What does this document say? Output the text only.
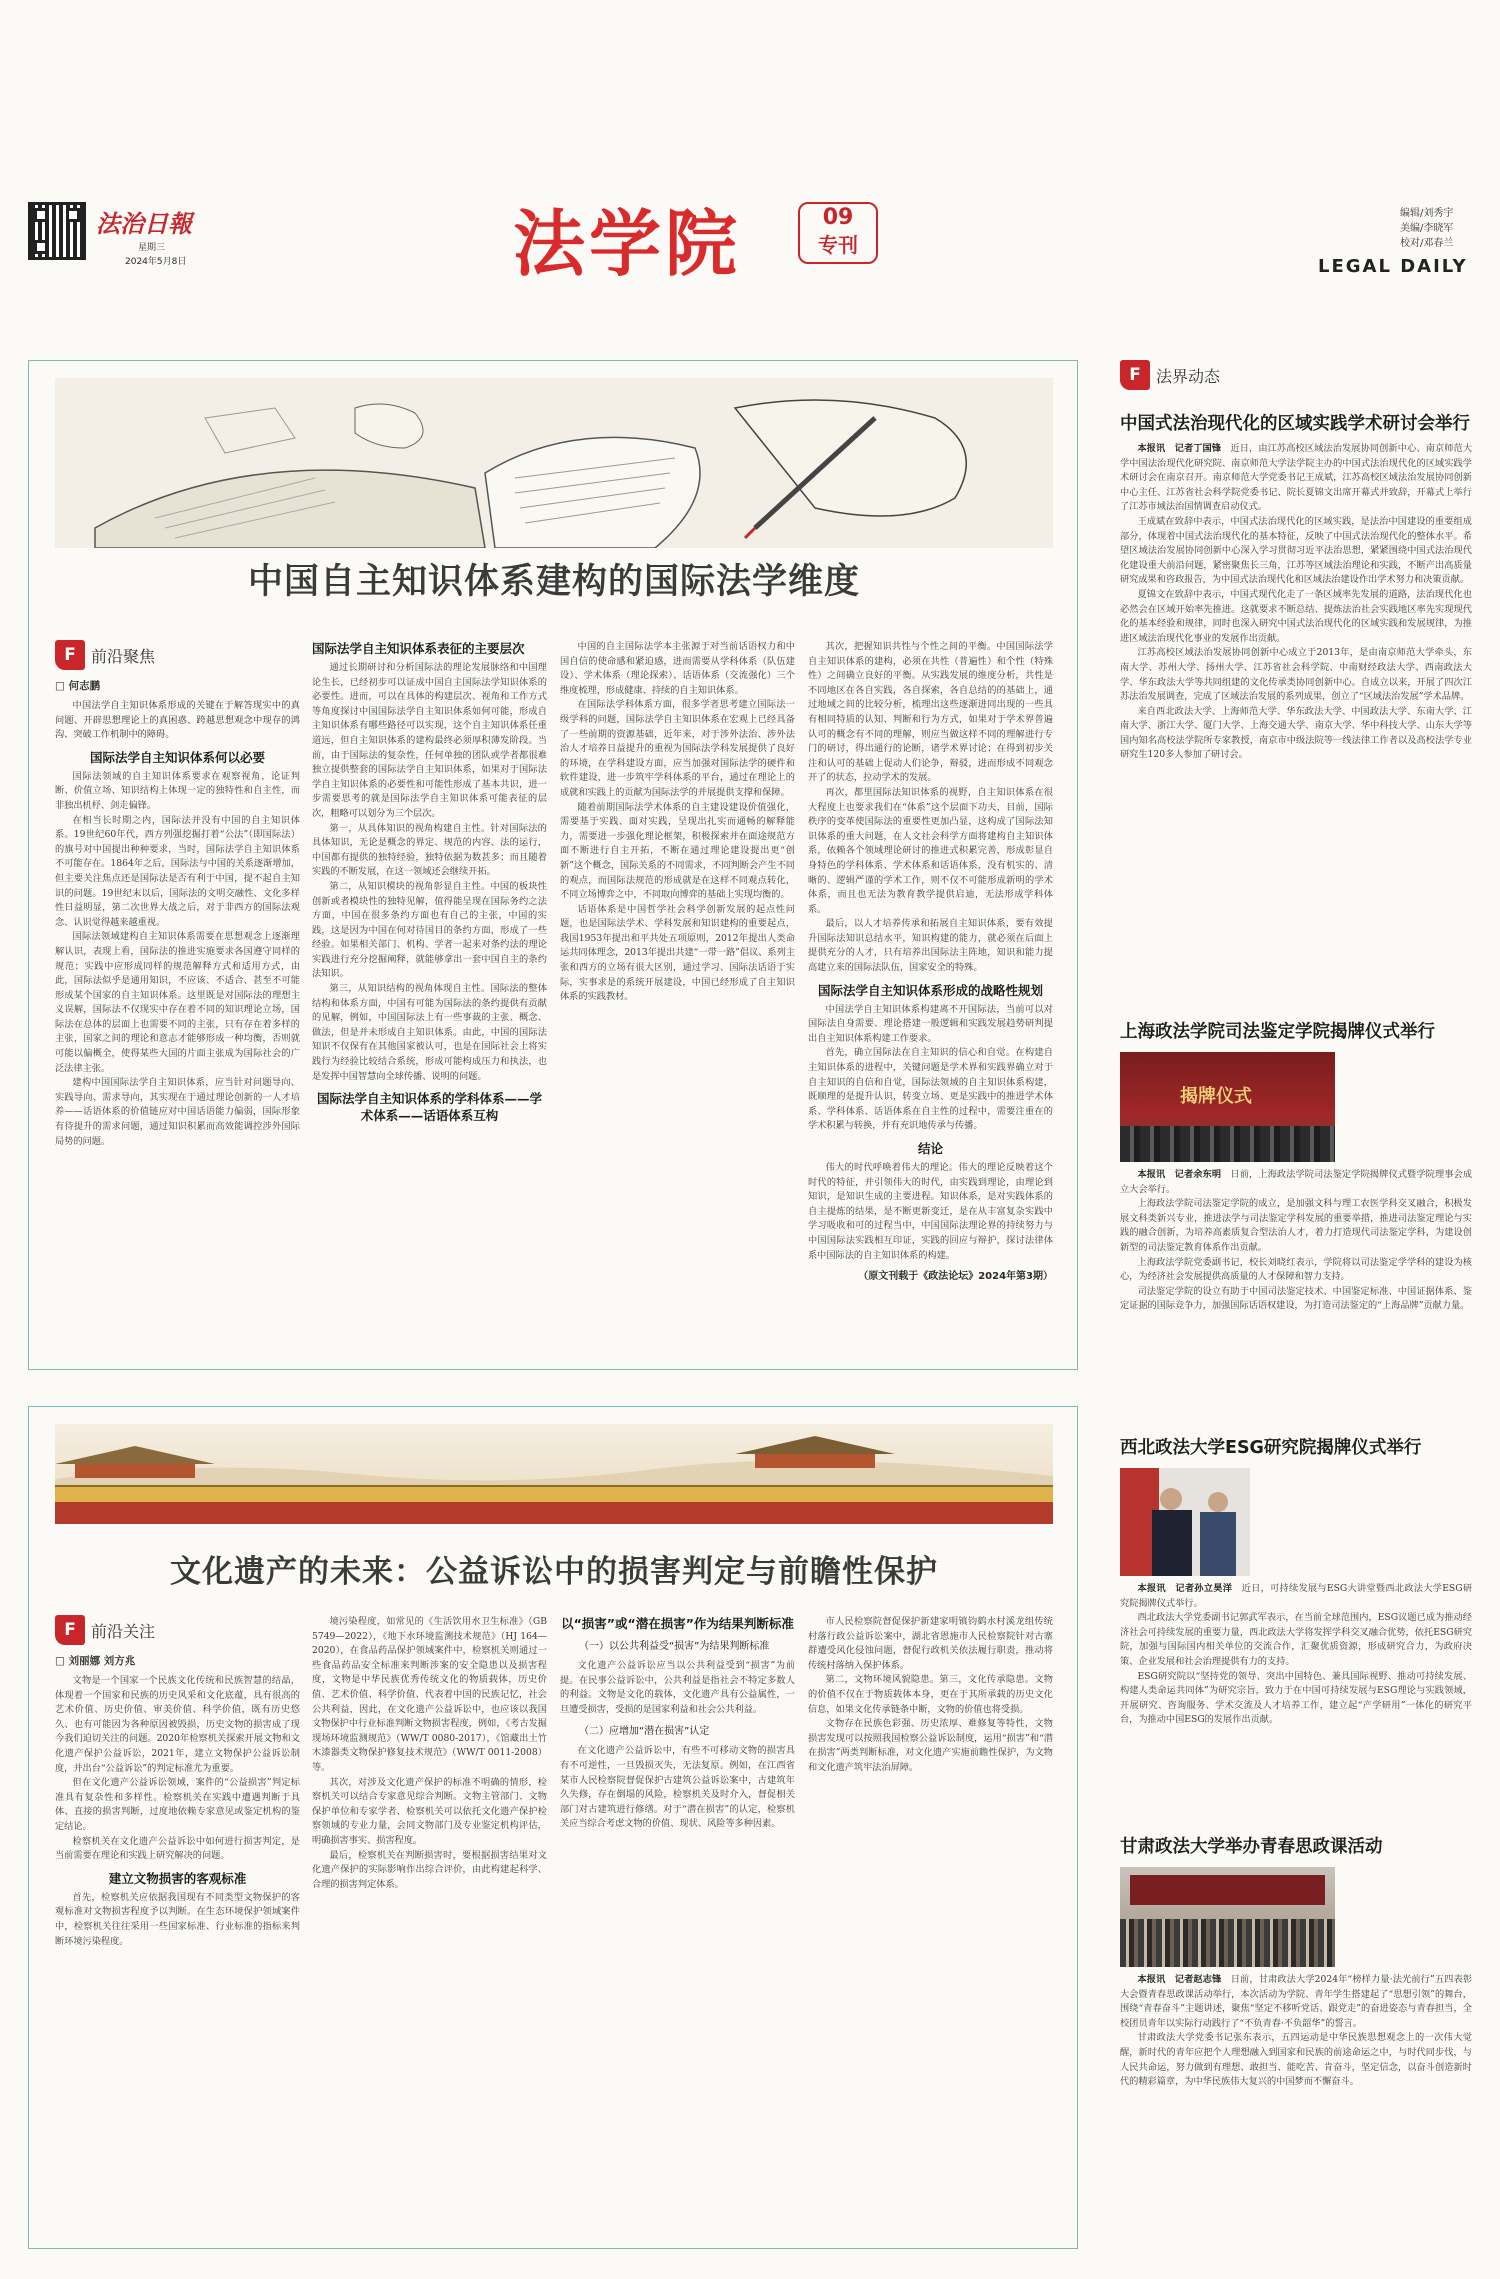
法治日報
星期三
2024年5月8日	法学院	09
专刊
编辑/刘秀宇
美编/李晓军
校对/邓春兰
LEGAL DAILY
中国自主知识体系建构的国际法学维度
F 前沿聚焦
□ 何志鹏

中国法学自主知识体系形成的关键在于解答现实中的真问题、开辟思想理论上的真困惑、跨越思想观念中现存的鸿沟、突破工作机制中的障碍。

国际法学自主知识体系何以必要

国际法领域的自主知识体系要求在观察视角、论证判断、价值立场、知识结构上体现一定的独特性和自主性，而非独出机杼、剑走偏锋。

在相当长时期之内，国际法并没有中国的自主知识体系。19世纪60年代，西方列强挖掘打着“公法”（即国际法）的旗号对中国提出种种要求，当时，国际法学自主知识体系不可能存在。1864年之后，国际法与中国的关系逐渐增加，但主要关注焦点还是国际法是否有利于中国，提不起自主知识的问题。19世纪末以后，国际法的文明交融性、文化多样性日益明显，第二次世界大战之后，对于非西方的国际法观念、认识觉得越来越重视。

国际法领域建构自主知识体系需要在思想观念上逐渐理解认识，表现上看，国际法的推进实施要求各国遵守同样的规范；实践中应形成同样的规范解释方式和适用方式，由此，国际法似乎是通用知识，不应该、不适合、甚至不可能形成某个国家的自主知识体系。这里既是对国际法的理想主义误解，国际法不仅现实中存在着不同的知识理论立场，国际法在总体的层面上也需要不同的主张，只有存在着多样的主张，国家之间的理论和意志才能够形成一种均衡，否则就可能以偏概全，使得某些大国的片面主张成为国际社会的广泛法律主张。

建构中国国际法学自主知识体系，应当针对问题导向、实践导向、需求导向，其实现在于通过理论创新的一人才培养——话语体系的价值链应对中国话语能力偏弱，国际形象有待提升的需求问题，通过知识积累而高效能调控涉外国际局势的问题。

国际法学自主知识体系表征的主要层次

通过长期研讨和分析国际法的理论发展脉络和中国理论生长，已经初步可以证成中国自主国际法学知识体系的必要性。进而，可以在具体的构建层次、视角和工作方式等角度探讨中国国际法学自主知识体系如何可能，形成自主知识体系有哪些路径可以实现，这个自主知识体系任重道远，但自主知识体系的建构最终必须厚积薄发阶段。当前，由于国际法的复杂性，任何单独的团队或学者都很难独立提供整套的国际法学自主知识体系，如果对于国际法学自主知识体系的必要性和可能性形成了基本共识，进一步需要思考的就是国际法学自主知识体系可能表征的层次，粗略可以划分为三个层次。

第一，从具体知识的视角构建自主性。针对国际法的具体知识，无论是概念的界定、规范的内容、法的运行，中国都有提供的独特经验，独特依据为数甚多；而且随着实践的不断发展，在这一领域还会继续开拓。

第二，从知识模块的视角彰显自主性。中国的板块性创新或者模块性的独特见解，值得能呈现在国际务约之法方面，中国在很多条约方面也有自己的主张，中国的实践，这是因为中国在何对待国目的条约方面，形成了一些经验。如果相关部门、机构、学者一起来对条约法的理论实践进行充分挖掘阐释，就能够拿出一套中国自主的条约法知识。

第三，从知识结构的视角体现自主性。国际法的整体结构和体系方面，中国有可能为国际法的条约提供有贡献的见解，例如，中国国际法上有一些事裁的主张、概念、做法，但是并未形成自主知识体系。由此，中国的国际法知识不仅保有在其他国家被认可，也是在国际社会上将实践行为经验比较结合系统，形成可能构成压力和执法，也是发挥中国智慧向全球传播、说明的问题。

国际法学自主知识体系的学科体系——学术体系——话语体系互构

中国的自主国际法学本主张源于对当前话语权力和中国自信的使命感和紧迫感，进而需要从学科体系（队伍建设）、学术体系（理论探索）、话语体系（交流强化）三个维度梳理，形成健康、持续的自主知识体系。

在国际法学科体系方面，很多学者思考建立国际法一级学科的问题，国际法学自主知识体系在宏观上已经具备了一些前期的资源基础，近年来，对于涉外法治、涉外法治人才培养日益提升的重视为国际法学科发展提供了良好的环境，在学科建设方面，应当加强对国际法学的硬件和软件建设，进一步筑牢学科体系的平台，通过在理论上的成就和实践上的贡献为国际法学的并展提供支撑和保障。

随着前期国际法学术体系的自主建设建设价值强化，需要基于实践、面对实践，呈现出扎实而通畅的解释能力，需要进一步强化理论框架，积极探索并在面途规范方面不断进行自主开拓，不断在通过理论建设提出更“创新”这个概念，国际关系的不同需求，不同判断会产生不同的观点，而国际法规范的形成就是在这样不同观点转化，不同立场博弈之中，不同取向博弈的基础上实现均衡的。

话语体系是中国哲学社会科学创新发展的起点性问题，也是国际法学术、学科发展和知识建构的重要起点，我国1953年提出和平共处五项原则，2012年提出人类命运共同体理念，2013年提出共建“一带一路”倡议、系列主张和西方的立场有很大区别，通过学习、国际法话语于实际，实事求是的系统开展建设，中国已经形成了自主知识体系的实践教材。

其次，把握知识共性与个性之间的平衡。中国国际法学自主知识体系的建构，必须在共性（普遍性）和个性（特殊性）之间确立良好的平衡。从实践发展的维度分析，共性是不同地区在各自实践，各自探索，各自总结的的基础上，通过地域之间的比较分析，梳理出这些逐渐进同出现的一些具有相同特质的认知、判断和行为方式，如果对于学术界普遍认可的概念有不同的理解，则应当做这样不同的理解进行专门的研讨，得出通行的论断，诸学术界讨论；在得到初步关注和认可的基础上促动人们论争，辩驳，进而形成不同观念开了的状态，拉动学术的发展。

再次，都里国际法知识体系的视野，自主知识体系在很大程度上也要求我们在“体系”这个层面下功夫，目前，国际秩序的变革使国际法的重要性更加凸显，这构成了国际法知识体系的重大问题，在人文社会科学方面将建构自主知识体系，依赖各个领域理论研讨的推进式积累完善，形成彰显自身特色的学科体系、学术体系和话语体系，没有机实的、清晰的、逻辑严谨的学术工作，则不仅不可能形成新明的学术体系，而且也无法为教育教学提供启迪，无法形成学科体系。

最后，以人才培养传承和拓展自主知识体系，要有效提升国际法知识总结水平，知识构建的能力，就必须在后面上提供充分的人才，只有培养出国际法主阵地，知识和能力提高建立来的国际法队伍，国家安全的特殊。

国际法学自主知识体系形成的战略性规划

中国法学自主知识体系构建离不开国际法，当前可以对国际法自身需要、理论搭建一般逻辑和实践发展趋势研判提出自主知识体系构建工作要求。

首先，确立国际法在自主知识的信心和自觉。在构建自主知识体系的进程中，关键问题是学术界和实践界确立对于自主知识的自信和自觉，国际法领域的自主知识体系构建，既顺理的是提升认识，转变立场、更是实践中的推进学术体系、学科体系、话语体系在自主性的过程中，需要注重在的学术积累与转换，并有充识地传承与传播。

结论

伟大的时代呼唤着伟大的理论。伟大的理论反映着这个时代的特征，并引领伟大的时代，由实践到理论，由理论到知识，是知识生成的主要进程。知识体系，是对实践体系的自主提炼的结果，是不断更新变迁，是在从丰富复杂实践中学习吸收和可的过程当中，中国国际法理论界的持续努力与中国国际法实践相互印证，实践的回应与辩护，探讨法律体系中国际法的自主知识体系的构建。

（原文刊载于《政法论坛》2024年第3期）
文化遗产的未来：公益诉讼中的损害判定与前瞻性保护
F 前沿关注
□ 刘丽娜 刘方兆

文物是一个国家一个民族文化传统和民族智慧的结晶，体现着一个国家和民族的历史风采和文化底蕴，具有很高的艺术价值、历史价值、审美价值、科学价值，既有历史悠久、也有可能因为各种原因被毁损，历史文物的损害成了现今我们迫切关注的问题。2020年检察机关探索开展文物和文化遗产保护公益诉讼，2021年，建立文物保护公益诉讼制度，并出台“公益诉讼”的判定标准尤为重要。

但在文化遗产公益诉讼领域，案件的“公益损害”判定标准具有复杂性和多样性。检察机关在实践中遭遇判断于具体、直接的损害判断，过度地依赖专家意见或鉴定机构的鉴定结论。

检察机关在文化遗产公益诉讼中如何进行损害判定，是当前需要在理论和实践上研究解决的问题。

建立文物损害的客观标准

首先，检察机关应依据我国现有不同类型文物保护的客观标准对文物损害程度予以判断。在生态环境保护领域案件中，检察机关往往采用一些国家标准、行业标准的指标来判断环境污染程度。

境污染程度，如常见的《生活饮用水卫生标准》（GB 5749—2022），《地下水环境监测技术规范》（HJ 164—2020），在食品药品保护领域案件中，检察机关则通过一些食品药品安全标准来判断涉案的安全隐患以及损害程度，文物是中华民族优秀传统文化的物质载体，历史价值、艺术价值、科学价值、代表着中国的民族记忆，社会公共利益，因此，在文化遗产公益诉讼中，也应该以我国文物保护中行业标准判断文物损害程度，例如，《考古发掘现场环境监测规范》（WW/T 0080-2017），《馆藏出土竹木漆器类文物保护修复技术规范》（WW/T 0011-2008）等。

其次，对涉及文化遗产保护的标准不明确的情形，检察机关可以结合专家意见综合判断。文物主管部门、文物保护单位和专家学者、检察机关可以依托文化遗产保护检察领域的专业力量，会同文物部门及专业鉴定机构评估，明确损害事实、损害程度。

最后，检察机关在判断损害时，要根据损害结果对文化遗产保护的实际影响作出综合评价，由此构建起科学、合理的损害判定体系。

以“损害”或“潜在损害”作为结果判断标准
（一）以公共利益受“损害”为结果判断标准

文化遗产公益诉讼应当以公共利益受到“损害”为前提。在民事公益诉讼中，公共利益是指社会不特定多数人的利益。文物是文化的载体，文化遗产具有公益属性，一旦遭受损害，受损的是国家利益和社会公共利益。

（二）应增加“潜在损害”认定

在文化遗产公益诉讼中，有些不可移动文物的损害具有不可逆性，一旦毁损灭失，无法复原。例如，在江西省某市人民检察院督促保护古建筑公益诉讼案中，古建筑年久失修，存在倒塌的风险，检察机关及时介入，督促相关部门对古建筑进行修缮。对于“潜在损害”的认定，检察机关应当综合考虑文物的价值、现状、风险等多种因素。

市人民检察院督促保护新建家明镇钧鹤水村溪龙组传统村落行政公益诉讼案中，湖北省恩施市人民检察院针对古寨群遭受风化侵蚀问题，督促行政机关依法履行职责，推动将传统村落纳入保护体系。

第二，文物环境风貌隐患。第三，文化传承隐患。文物的价值不仅在于物质载体本身，更在于其所承载的历史文化信息，如果文化传承链条中断，文物的价值也将受损。

文物存在民族色彩强、历史浓厚、难修复等特性，文物损害发现可以按照我国检察公益诉讼制度，运用“损害”和“潜在损害”两类判断标准，对文化遗产实施前瞻性保护，为文物和文化遗产筑牢法治屏障。

F 法界动态
中国式法治现代化的区域实践学术研讨会举行

本报讯　记者丁国锋　 近日，由江苏高校区域法治发展协同创新中心、南京师范大学中国法治现代化研究院、南京师范大学法学院主办的中国式法治现代化的区域实践学术研讨会在南京召开。南京师范大学党委书记王成斌，江苏高校区域法治发展协同创新中心主任、江苏省社会科学院党委书记、院长夏锦文出席开幕式并致辞，开幕式上举行了江苏市域法治国情调查启动仪式。

王成斌在致辞中表示，中国式法治现代化的区域实践，是法治中国建设的重要组成部分，体现着中国式法治现代化的基本特征，反映了中国式法治现代化的整体水平。希望区域法治发展协同创新中心深入学习贯彻习近平法治思想，紧紧围绕中国式法治现代化建设重大前沿问题，紧密聚焦长三角，江苏等区域法治理论和实践，不断产出高质量研究成果和咨政报告，为中国式法治现代化和区域法治建设作出学术努力和决策贡献。

夏锦文在致辞中表示，中国式现代化走了一条区域率先发展的道路，法治现代化也必然会在区域开始率先推进。这就要求不断总结、提炼法治社会实践地区率先实现现代化的基本经验和规律，同时也深入研究中国式法治现代化的区域实践和发展规律，为推进区域法治现代化事业的发展作出贡献。

江苏高校区域法治发展协同创新中心成立于2013年，是由南京师范大学牵头，东南大学、苏州大学、扬州大学、江苏省社会科学院、中南财经政法大学、西南政法大学、华东政法大学等共同组建的文化传承类协同创新中心。自成立以来，开展了四次江苏法治发展调查，完成了区域法治发展的系列成果，创立了“区域法治发展”学术品牌。

来自西北政法大学、上海师范大学、华东政法大学、中国政法大学、东南大学、江南大学、浙江大学、厦门大学、上海交通大学、南京大学、华中科技大学、山东大学等国内知名高校法学院所专家教授，南京市中级法院等一线法律工作者以及高校法学专业研究生120多人参加了研讨会。

上海政法学院司法鉴定学院揭牌仪式举行
揭牌仪式

本报讯　记者余东明　 日前，上海政法学院司法鉴定学院揭牌仪式暨学院理事会成立大会举行。

上海政法学院司法鉴定学院的成立，是加强文科与理工农医学科交叉融合，积极发展文科类新兴专业，推进法学与司法鉴定学科发展的重要举措，推进司法鉴定理论与实践的融合创新，为培养高素质复合型法治人才，着力打造现代司法鉴定学科，为建设创新型的司法鉴定教育体系作出贡献。

上海政法学院党委副书记，校长刘晓红表示，学院将以司法鉴定学学科的建设为核心，为经济社会发展提供高质量的人才保障和智力支持。

司法鉴定学院的设立有助于中国司法鉴定技术、中国鉴定标准、中国证据体系、鉴定证据的国际竞争力，加强国际话语权建设，为打造司法鉴定的“上海品牌”贡献力量。

西北政法大学ESG研究院揭牌仪式举行

本报讯　记者孙立昊洋　 近日，可持续发展与ESG大讲堂暨西北政法大学ESG研究院揭牌仪式举行。

西北政法大学党委副书记郭武军表示，在当前全球范围内，ESG议题已成为推动经济社会可持续发展的重要力量，西北政法大学将发挥学科交叉融合优势，依托ESG研究院，加强与国际国内相关单位的交流合作，汇聚优质资源，形成研究合力，为政府决策、企业发展和社会治理提供有力的支持。

ESG研究院以“坚持党的领导、突出中国特色、兼具国际视野、推动可持续发展、构建人类命运共同体”为研究宗旨，致力于在中国可持续发展与ESG理论与实践领域，开展研究、咨询服务、学术交流及人才培养工作，建立起“产学研用”一体化的研究平台，为推动中国ESG的发展作出贡献。

甘肃政法大学举办青春思政课活动

本报讯　记者赵志锋　 日前，甘肃政法大学2024年“榜样力量·法光前行”五四表彰大会暨青春思政课活动举行，本次活动为学院、青年学生搭建起了“思想引领”的舞台，围绕“青春奋斗”主题讲述，聚焦“坚定不移听党话、跟党走”的奋进姿态与青春担当，全校团员青年以实际行动践行了“不负青春·不负韶华”的誓言。

甘肃政法大学党委书记张东表示，五四运动是中华民族思想观念上的一次伟大觉醒，新时代的青年应把个人理想融入到国家和民族的前途命运之中，与时代同步伐，与人民共命运，努力做到有理想、敢担当、能吃苦、肯奋斗，坚定信念，以奋斗创造新时代的精彩篇章，为中华民族伟大复兴的中国梦而不懈奋斗。
